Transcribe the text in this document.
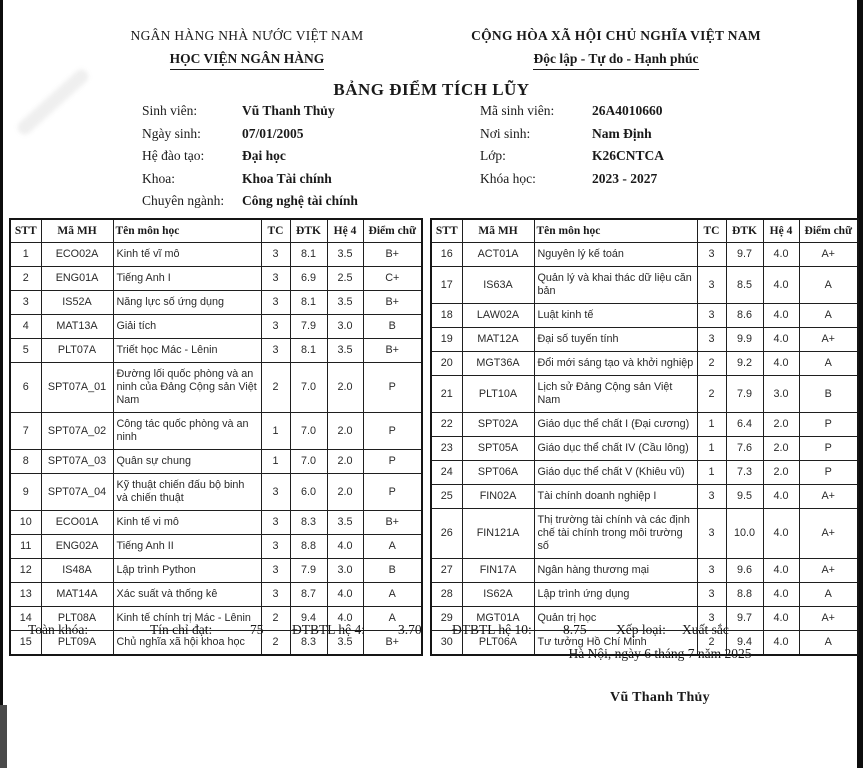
NGÂN HÀNG NHÀ NƯỚC VIỆT NAM
HỌC VIỆN NGÂN HÀNG
CỘNG HÒA XÃ HỘI CHỦ NGHĨA VIỆT NAM
Độc lập - Tự do - Hạnh phúc
BẢNG ĐIỂM TÍCH LŨY
Sinh viên:	Vũ Thanh Thủy
Ngày sinh:	07/01/2005
Hệ đào tạo:	Đại học
Khoa:	Khoa Tài chính
Chuyên ngành:	Công nghệ tài chính
Mã sinh viên:	26A4010660
Nơi sinh:	Nam Định
Lớp:	K26CNTCA
Khóa học:	2023 - 2027
STT	Mã MH	Tên môn học	TC	ĐTK	Hệ 4	Điểm chữ
1	ECO02A	Kinh tế vĩ mô	3	8.1	3.5	B+
2	ENG01A	Tiếng Anh I	3	6.9	2.5	C+
3	IS52A	Năng lực số ứng dụng	3	8.1	3.5	B+
4	MAT13A	Giải tích	3	7.9	3.0	B
5	PLT07A	Triết học Mác - Lênin	3	8.1	3.5	B+
6	SPT07A_01	Đường lối quốc phòng và an ninh của Đảng Cộng sản Việt Nam	2	7.0	2.0	P
7	SPT07A_02	Công tác quốc phòng và an ninh	1	7.0	2.0	P
8	SPT07A_03	Quân sự chung	1	7.0	2.0	P
9	SPT07A_04	Kỹ thuật chiến đấu bộ binh và chiến thuật	3	6.0	2.0	P
10	ECO01A	Kinh tế vi mô	3	8.3	3.5	B+
11	ENG02A	Tiếng Anh II	3	8.8	4.0	A
12	IS48A	Lập trình Python	3	7.9	3.0	B
13	MAT14A	Xác suất và thống kê	3	8.7	4.0	A
14	PLT08A	Kinh tế chính trị Mác - Lênin	2	9.4	4.0	A
15	PLT09A	Chủ nghĩa xã hội khoa học	2	8.3	3.5	B+
STT	Mã MH	Tên môn học	TC	ĐTK	Hệ 4	Điểm chữ
16	ACT01A	Nguyên lý kế toán	3	9.7	4.0	A+
17	IS63A	Quản lý và khai thác dữ liệu căn bản	3	8.5	4.0	A
18	LAW02A	Luật kinh tế	3	8.6	4.0	A
19	MAT12A	Đại số tuyến tính	3	9.9	4.0	A+
20	MGT36A	Đổi mới sáng tạo và khởi nghiệp	2	9.2	4.0	A
21	PLT10A	Lịch sử Đảng Cộng sản Việt Nam	2	7.9	3.0	B
22	SPT02A	Giáo dục thể chất I (Đại cương)	1	6.4	2.0	P
23	SPT05A	Giáo dục thể chất IV (Cầu lông)	1	7.6	2.0	P
24	SPT06A	Giáo dục thể chất V (Khiêu vũ)	1	7.3	2.0	P
25	FIN02A	Tài chính doanh nghiệp I	3	9.5	4.0	A+
26	FIN121A	Thị trường tài chính và các định chế tài chính trong môi trường số	3	10.0	4.0	A+
27	FIN17A	Ngân hàng thương mại	3	9.6	4.0	A+
28	IS62A	Lập trình ứng dụng	3	8.8	4.0	A
29	MGT01A	Quản trị học	3	9.7	4.0	A+
30	PLT06A	Tư tưởng Hồ Chí Minh	2	9.4	4.0	A
Toàn khóa:	Tín chỉ đạt:	75 ĐTBTL hệ 4: 3.70 ĐTBTL hệ 10: 8.75 Xếp loại: Xuất sắc
Hà Nội, ngày 6 tháng 7 năm 2025
Vũ Thanh Thủy
